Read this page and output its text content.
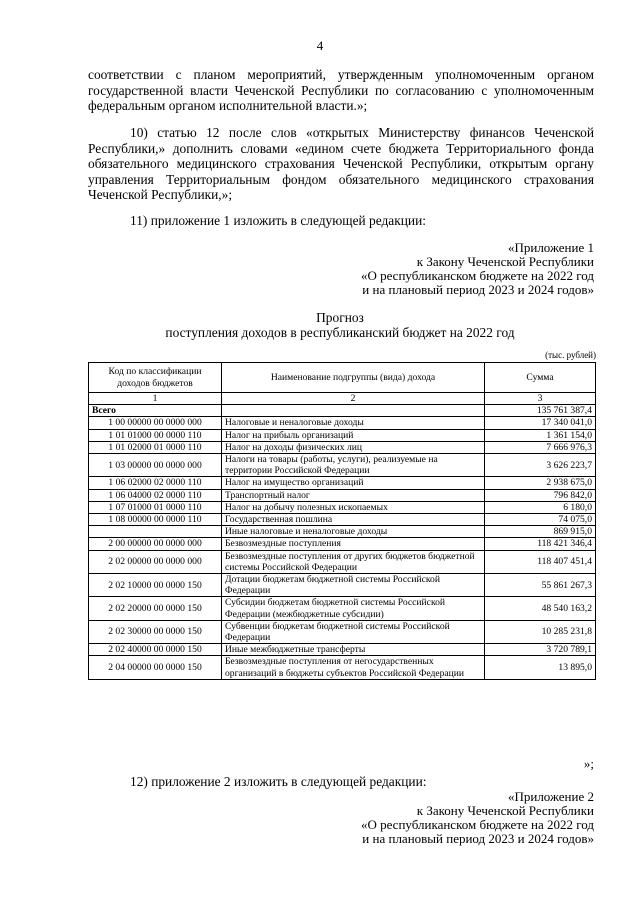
4

соответствии с планом мероприятий, утвержденным уполномоченным органом государственной власти Чеченской Республики по согласованию с уполномоченным федеральным органом исполнительной власти.»;

10) статью 12 после слов «открытых Министерству финансов Чеченской Республики,» дополнить словами «едином счете бюджета Территориального фонда обязательного медицинского страхования Чеченской Республики, открытым органу управления Территориальным фондом обязательного медицинского страхования Чеченской Республики,»;

11) приложение 1 изложить в следующей редакции:

«Приложение 1
к Закону Чеченской Республики
«О республиканском бюджете на 2022 год
и на плановый период 2023 и 2024 годов»
Прогноз
поступления доходов в республиканский бюджет на 2022 год
(тыс. рублей)
Код по классификации доходов бюджетов	Наименование подгруппы (вида) дохода	Сумма
1	2	3
Всего		135 761 387,4
1 00 00000 00 0000 000	Налоговые и неналоговые доходы	17 340 041,0
1 01 01000 00 0000 110	Налог на прибыль организаций	1 361 154,0
1 01 02000 01 0000 110	Налог на доходы физических лиц	7 666 976,3
1 03 00000 00 0000 000	Налоги на товары (работы, услуги), реализуемые на территории Российской Федерации	3 626 223,7
1 06 02000 02 0000 110	Налог на имущество организаций	2 938 675,0
1 06 04000 02 0000 110	Транспортный налог	796 842,0
1 07 01000 01 0000 110	Налог на добычу полезных ископаемых	6 180,0
1 08 00000 00 0000 110	Государственная пошлина	74 075,0
	Иные налоговые и неналоговые доходы	869 915,0
2 00 00000 00 0000 000	Безвозмездные поступления	118 421 346,4
2 02 00000 00 0000 000	Безвозмездные поступления от других бюджетов бюджетной системы Российской Федерации	118 407 451,4
2 02 10000 00 0000 150	Дотации бюджетам бюджетной системы Российской Федерации	55 861 267,3
2 02 20000 00 0000 150	Субсидии бюджетам бюджетной системы Российской Федерации (межбюджетные субсидии)	48 540 163,2
2 02 30000 00 0000 150	Субвенции бюджетам бюджетной системы Российской Федерации	10 285 231,8
2 02 40000 00 0000 150	Иные межбюджетные трансферты	3 720 789,1
2 04 00000 00 0000 150	Безвозмездные поступления от негосударственных организаций в бюджеты субъектов Российской Федерации	13 895,0
»;

12) приложение 2 изложить в следующей редакции:

«Приложение 2
к Закону Чеченской Республики
«О республиканском бюджете на 2022 год
и на плановый период 2023 и 2024 годов»
